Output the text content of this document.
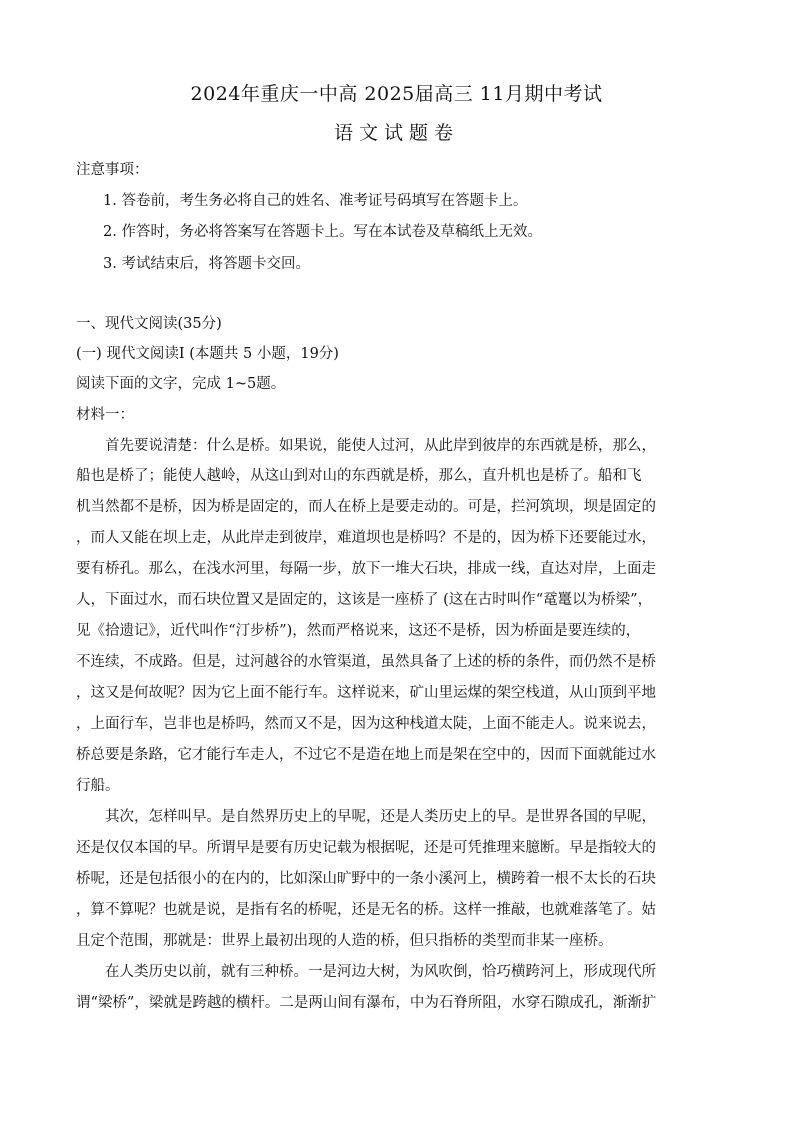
2024年重庆一中高 2025届高三 11月期中考试
语文试题卷
注意事项：
1. 答卷前，考生务必将自己的姓名、准考证号码填写在答题卡上。
2. 作答时，务必将答案写在答题卡上。写在本试卷及草稿纸上无效。
3. 考试结束后，将答题卡交回。
一、现代文阅读(35分)
(一) 现代文阅读Ⅰ (本题共 5 小题，19分)
阅读下面的文字，完成 1~5题。
材料一：
　　首先要说清楚：什么是桥。如果说，能使人过河，从此岸到彼岸的东西就是桥，那么，
船也是桥了；能使人越岭，从这山到对山的东西就是桥，那么，直升机也是桥了。船和飞
机当然都不是桥，因为桥是固定的，而人在桥上是要走动的。可是，拦河筑坝，坝是固定的
，而人又能在坝上走，从此岸走到彼岸，难道坝也是桥吗？不是的，因为桥下还要能过水，
要有桥孔。那么，在浅水河里，每隔一步，放下一堆大石块，排成一线，直达对岸，上面走
人，下面过水，而石块位置又是固定的，这该是一座桥了 (这在古时叫作“鼋鼍以为桥梁”，
见《拾遗记》，近代叫作“汀步桥”)，然而严格说来，这还不是桥，因为桥面是要连续的，
不连续，不成路。但是，过河越谷的水管渠道，虽然具备了上述的桥的条件，而仍然不是桥
，这又是何故呢？因为它上面不能行车。这样说来，矿山里运煤的架空栈道，从山顶到平地
，上面行车，岂非也是桥吗，然而又不是，因为这种栈道太陡，上面不能走人。说来说去，
桥总要是条路，它才能行车走人，不过它不是造在地上而是架在空中的，因而下面就能过水
行船。
　　其次，怎样叫早。是自然界历史上的早呢，还是人类历史上的早。是世界各国的早呢，
还是仅仅本国的早。所谓早是要有历史记载为根据呢，还是可凭推理来臆断。早是指较大的
桥呢，还是包括很小的在内的，比如深山旷野中的一条小溪河上，横跨着一根不太长的石块
，算不算呢？也就是说，是指有名的桥呢，还是无名的桥。这样一推敲，也就难落笔了。姑
且定个范围，那就是：世界上最初出现的人造的桥，但只指桥的类型而非某一座桥。
　　在人类历史以前，就有三种桥。一是河边大树，为风吹倒，恰巧横跨河上，形成现代所
谓“梁桥”，梁就是跨越的横杆。二是两山间有瀑布，中为石脊所阻，水穿石隙成孔，渐渐扩
